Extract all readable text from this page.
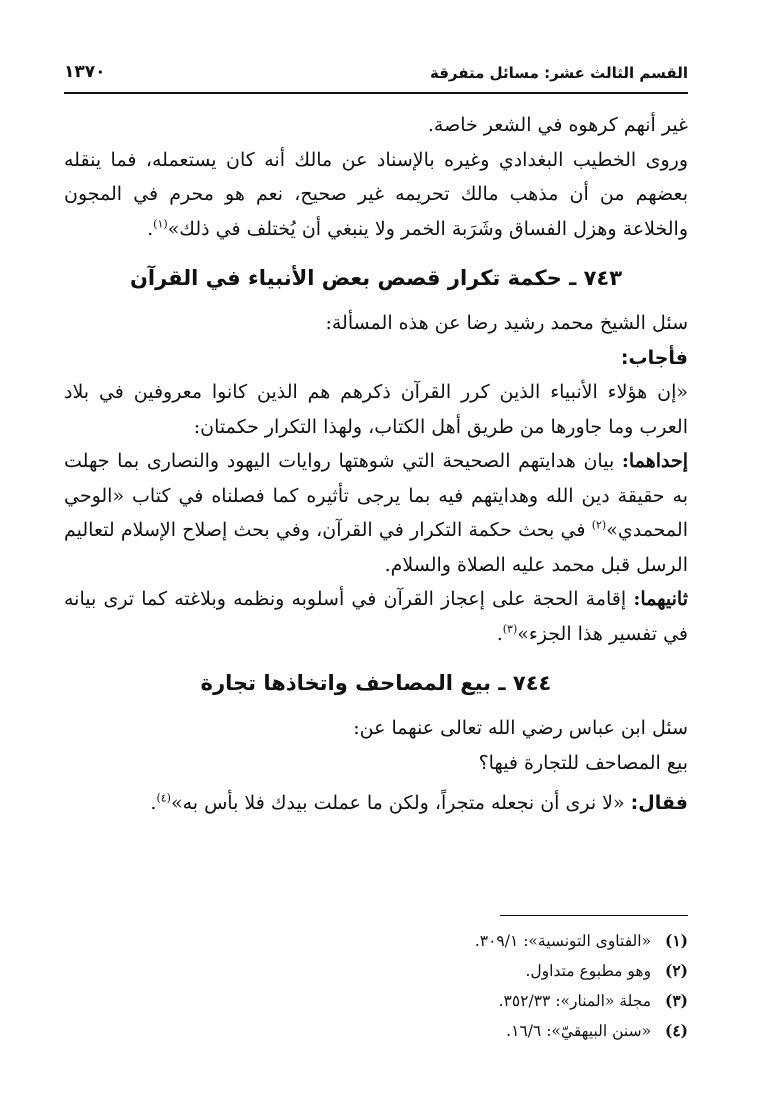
القسم الثالث عشر: مسائل متفرقة
١٣٧٠

غير أنهم كرهوه في الشعر خاصة.

وروى الخطيب البغدادي وغيره بالإسناد عن مالك أنه كان يستعمله، فما ينقله بعضهم من أن مذهب مالك تحريمه غير صحيح، نعم هو محرم في المجون والخلاعة وهزل الفساق وشَرَبة الخمر ولا ينبغي أن يُختلف في ذلك»$^{(١)}$.

٧٤٣ ـ حكمة تكرار قصص بعض الأنبياء في القرآن

سئل الشيخ محمد رشيد رضا عن هذه المسألة:

فأجاب:

«إن هؤلاء الأنبياء الذين كرر القرآن ذكرهم هم الذين كانوا معروفين في بلاد العرب وما جاورها من طريق أهل الكتاب، ولهذا التكرار حكمتان:

إحداهما: بيان هدايتهم الصحيحة التي شوهتها روايات اليهود والنصارى بما جهلت به حقيقة دين الله وهدايتهم فيه بما يرجى تأثيره كما فصلناه في كتاب «الوحي المحمدي»$^{(٢)}$ في بحث حكمة التكرار في القرآن، وفي بحث إصلاح الإسلام لتعاليم الرسل قبل محمد عليه الصلاة والسلام.

ثانيهما: إقامة الحجة على إعجاز القرآن في أسلوبه ونظمه وبلاغته كما ترى بيانه في تفسير هذا الجزء»$^{(٣)}$.

٧٤٤ ـ بيع المصاحف واتخاذها تجارة

سئل ابن عباس رضي الله تعالى عنهما عن:

بيع المصاحف للتجارة فيها؟

فقال: «لا نرى أن نجعله متجراً، ولكن ما عملت بيدك فلا بأس به»$^{(٤)}$.

(١) «الفتاوى التونسية»: ٣٠٩/١.
(٢) وهو مطبوع متداول.
(٣) مجلة «المنار»: ٣٥٢/٣٣.
(٤) «سنن البيهقيّ»: ١٦/٦.
